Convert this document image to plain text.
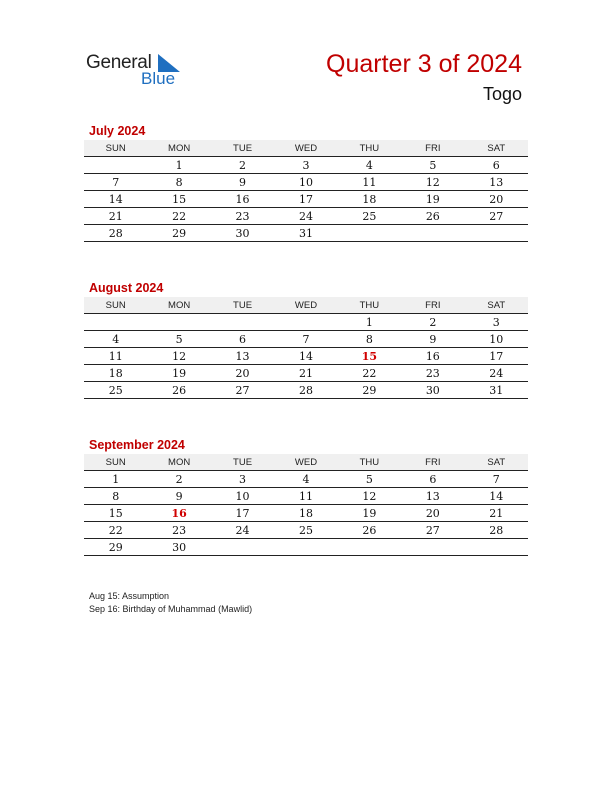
General
Blue
Quarter 3 of 2024
Togo
July 2024
SUN	MON	TUE	WED	THU	FRI	SAT
	1	2	3	4	5	6
7	8	9	10	11	12	13
14	15	16	17	18	19	20
21	22	23	24	25	26	27
28	29	30	31			
August 2024
SUN	MON	TUE	WED	THU	FRI	SAT
				1	2	3
4	5	6	7	8	9	10
11	12	13	14	15	16	17
18	19	20	21	22	23	24
25	26	27	28	29	30	31
September 2024
SUN	MON	TUE	WED	THU	FRI	SAT
1	2	3	4	5	6	7
8	9	10	11	12	13	14
15	16	17	18	19	20	21
22	23	24	25	26	27	28
29	30					
Aug 15: Assumption
Sep 16: Birthday of Muhammad (Mawlid)
